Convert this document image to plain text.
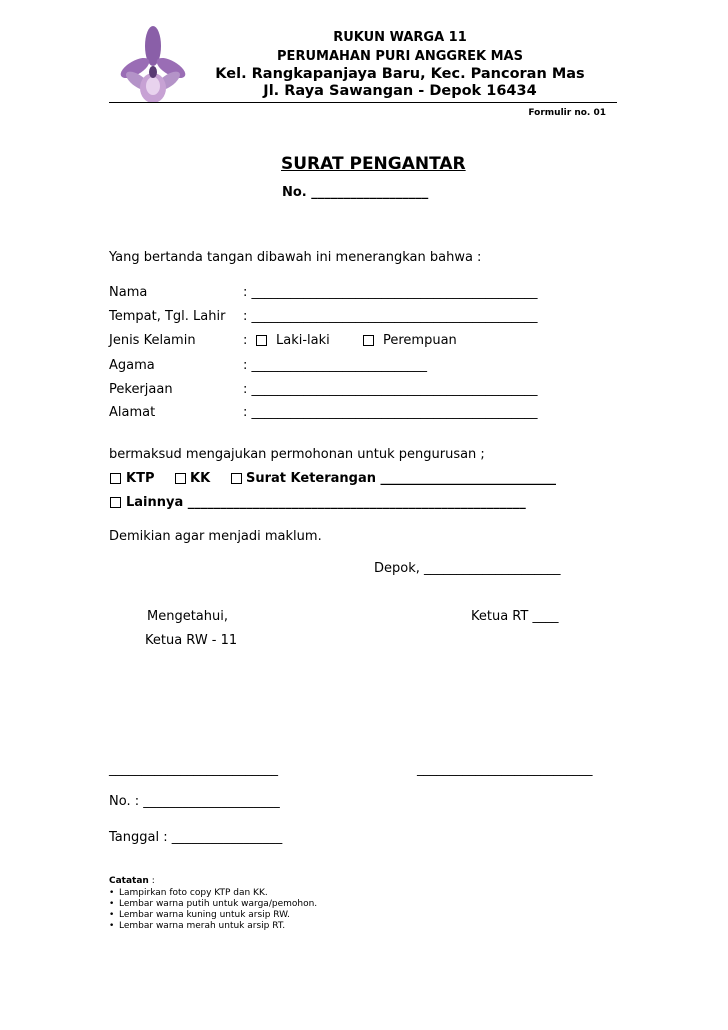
RUKUN WARGA 11
PERUMAHAN PURI ANGGREK MAS
Kel. Rangkapanjaya Baru, Kec. Pancoran Mas
Jl. Raya Sawangan - Depok 16434
Formulir no. 01
SURAT PENGANTAR
No. __________________
Yang bertanda tangan dibawah ini menerangkan bahwa :
Nama	: ____________________________________________
Tempat, Tgl. Lahir : ____________________________________________
Jenis Kelamin	: Laki-laki	Perempuan
Agama	: ___________________________
Pekerjaan	: ____________________________________________
Alamat	: ____________________________________________
bermaksud mengajukan permohonan untuk pengurusan ;
KTP	KK	Surat Keterangan ___________________________
Lainnya ____________________________________________________
Demikian agar menjadi maklum.
Depok, _____________________
Mengetahui,	Ketua RT ____
Ketua RW - 11
__________________________	___________________________
No. : _____________________
Tanggal : _________________
Catatan :
• Lampirkan foto copy KTP dan KK.
• Lembar warna putih untuk warga/pemohon.
• Lembar warna kuning untuk arsip RW.
• Lembar warna merah untuk arsip RT.
